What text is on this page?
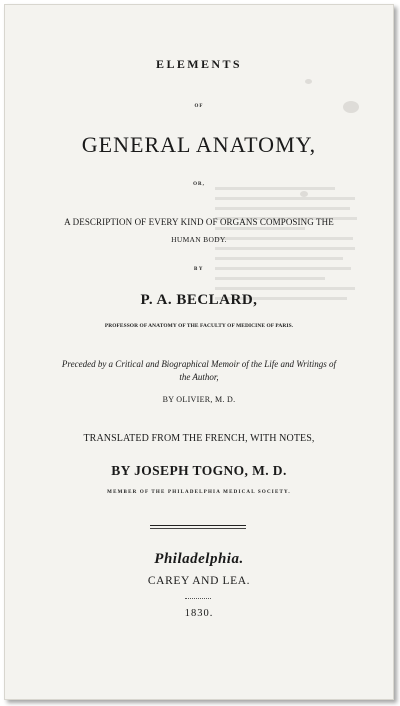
ELEMENTS
OF
GENERAL ANATOMY,
OR,
A DESCRIPTION OF EVERY KIND OF ORGANS COMPOSING THE
HUMAN BODY.
BY
P. A. BECLARD,
PROFESSOR OF ANATOMY OF THE FACULTY OF MEDICINE OF PARIS.
Preceded by a Critical and Biographical Memoir of the Life and Writings of
the Author,
BY OLIVIER, M. D.
TRANSLATED FROM THE FRENCH, WITH NOTES,
BY JOSEPH TOGNO, M. D.
MEMBER OF THE PHILADELPHIA MEDICAL SOCIETY.
Philadelphia.
CAREY AND LEA.
1830.
